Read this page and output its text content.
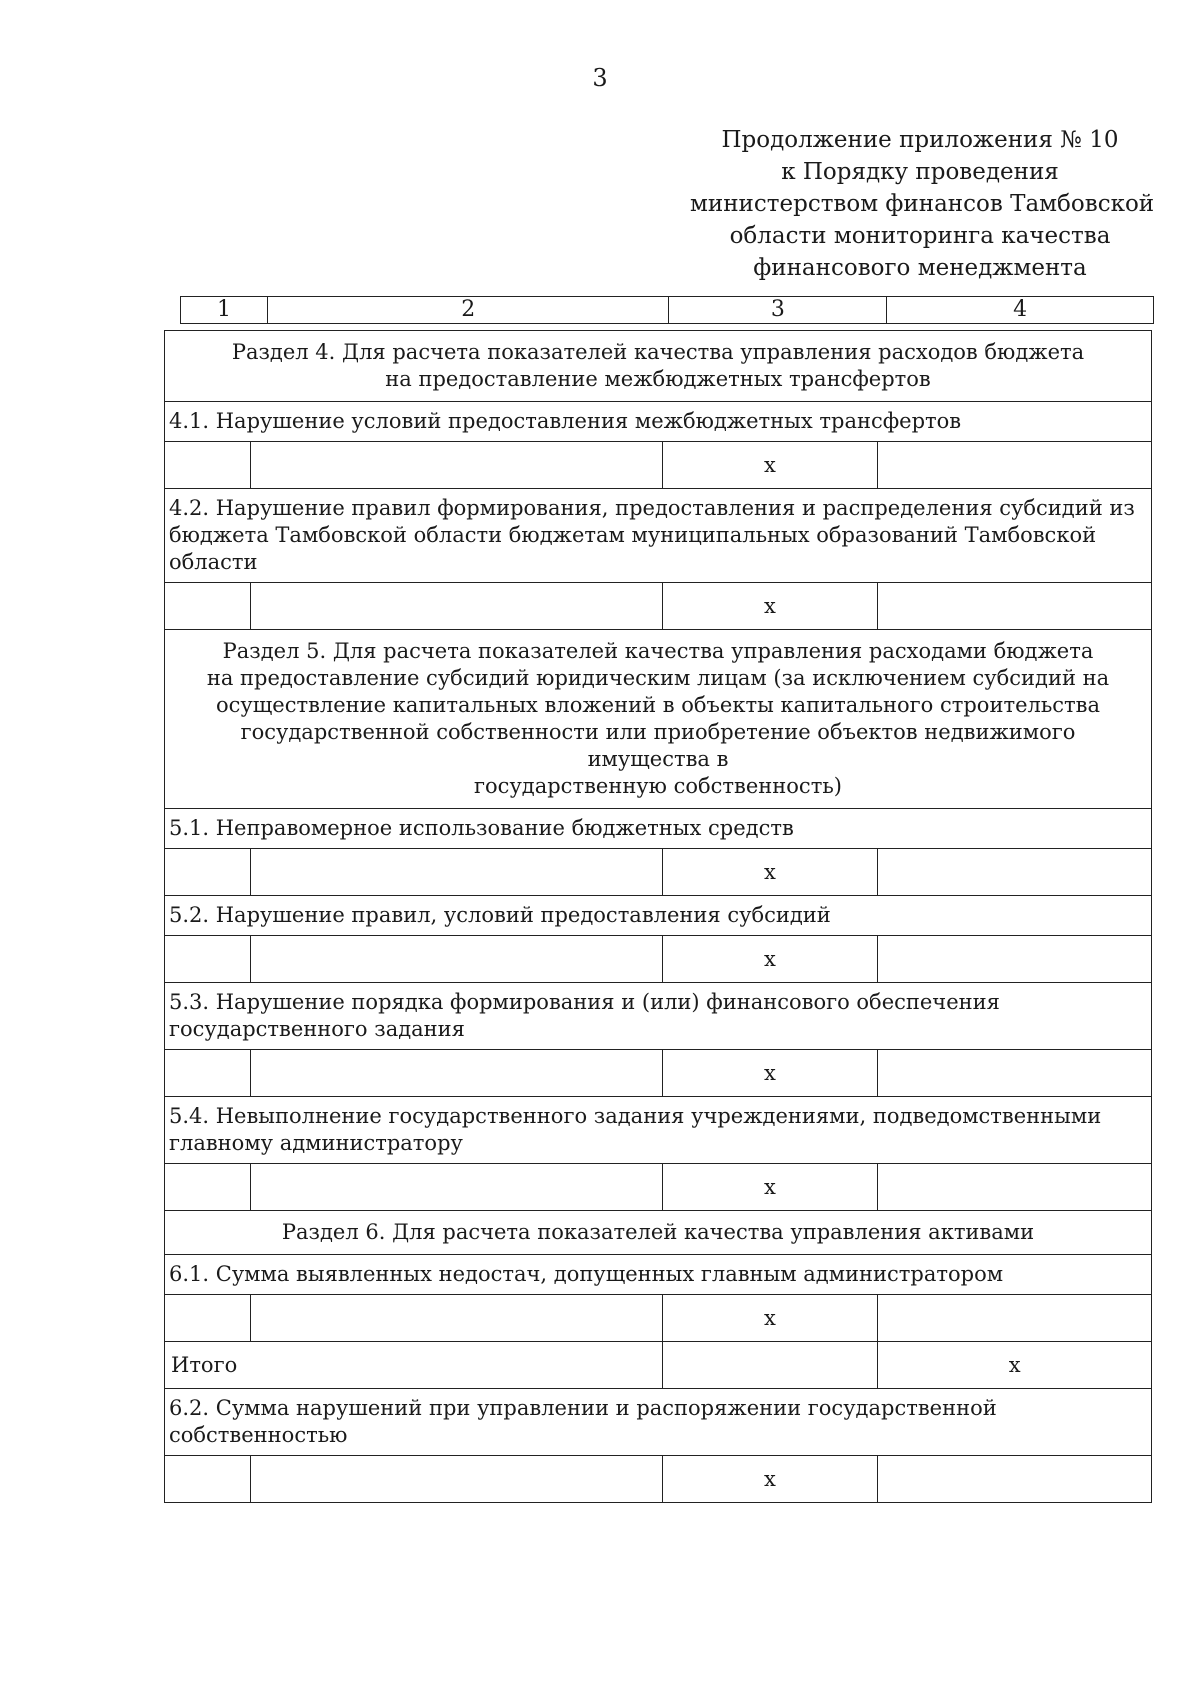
3
Продолжение приложения № 10
к Порядку проведения
министерством финансов Тамбовской
области мониторинга качества
финансового менеджмента
1	2	3	4
Раздел 4. Для расчета показателей качества управления расходов бюджета
на предоставление межбюджетных трансфертов			

4.1. Нарушение условий предоставления межбюджетных трансфертов			
		х	
4.2. Нарушение правил формирования, предоставления и распределения субсидий из бюджета Тамбовской области бюджетам муниципальных образований Тамбовской области			
		х	

Раздел 5. Для расчета показателей качества управления расходами бюджета
на предоставление субсидий юридическим лицам (за исключением субсидий на
осуществление капитальных вложений в объекты капитального строительства
государственной собственности или приобретение объектов недвижимого имущества в
государственную собственность)			

5.1. Неправомерное использование бюджетных средств			
		х	
5.2. Нарушение правил, условий предоставления субсидий			
		х	
5.3. Нарушение порядка формирования и (или) финансового обеспечения государственного задания			
		х	
5.4. Невыполнение государственного задания учреждениями, подведомственными главному администратору			
		х	

Раздел 6. Для расчета показателей качества управления активами			

6.1. Сумма выявленных недостач, допущенных главным администратором			
		х	
Итого			х
6.2. Сумма нарушений при управлении и распоряжении государственной собственностью			
		х	
